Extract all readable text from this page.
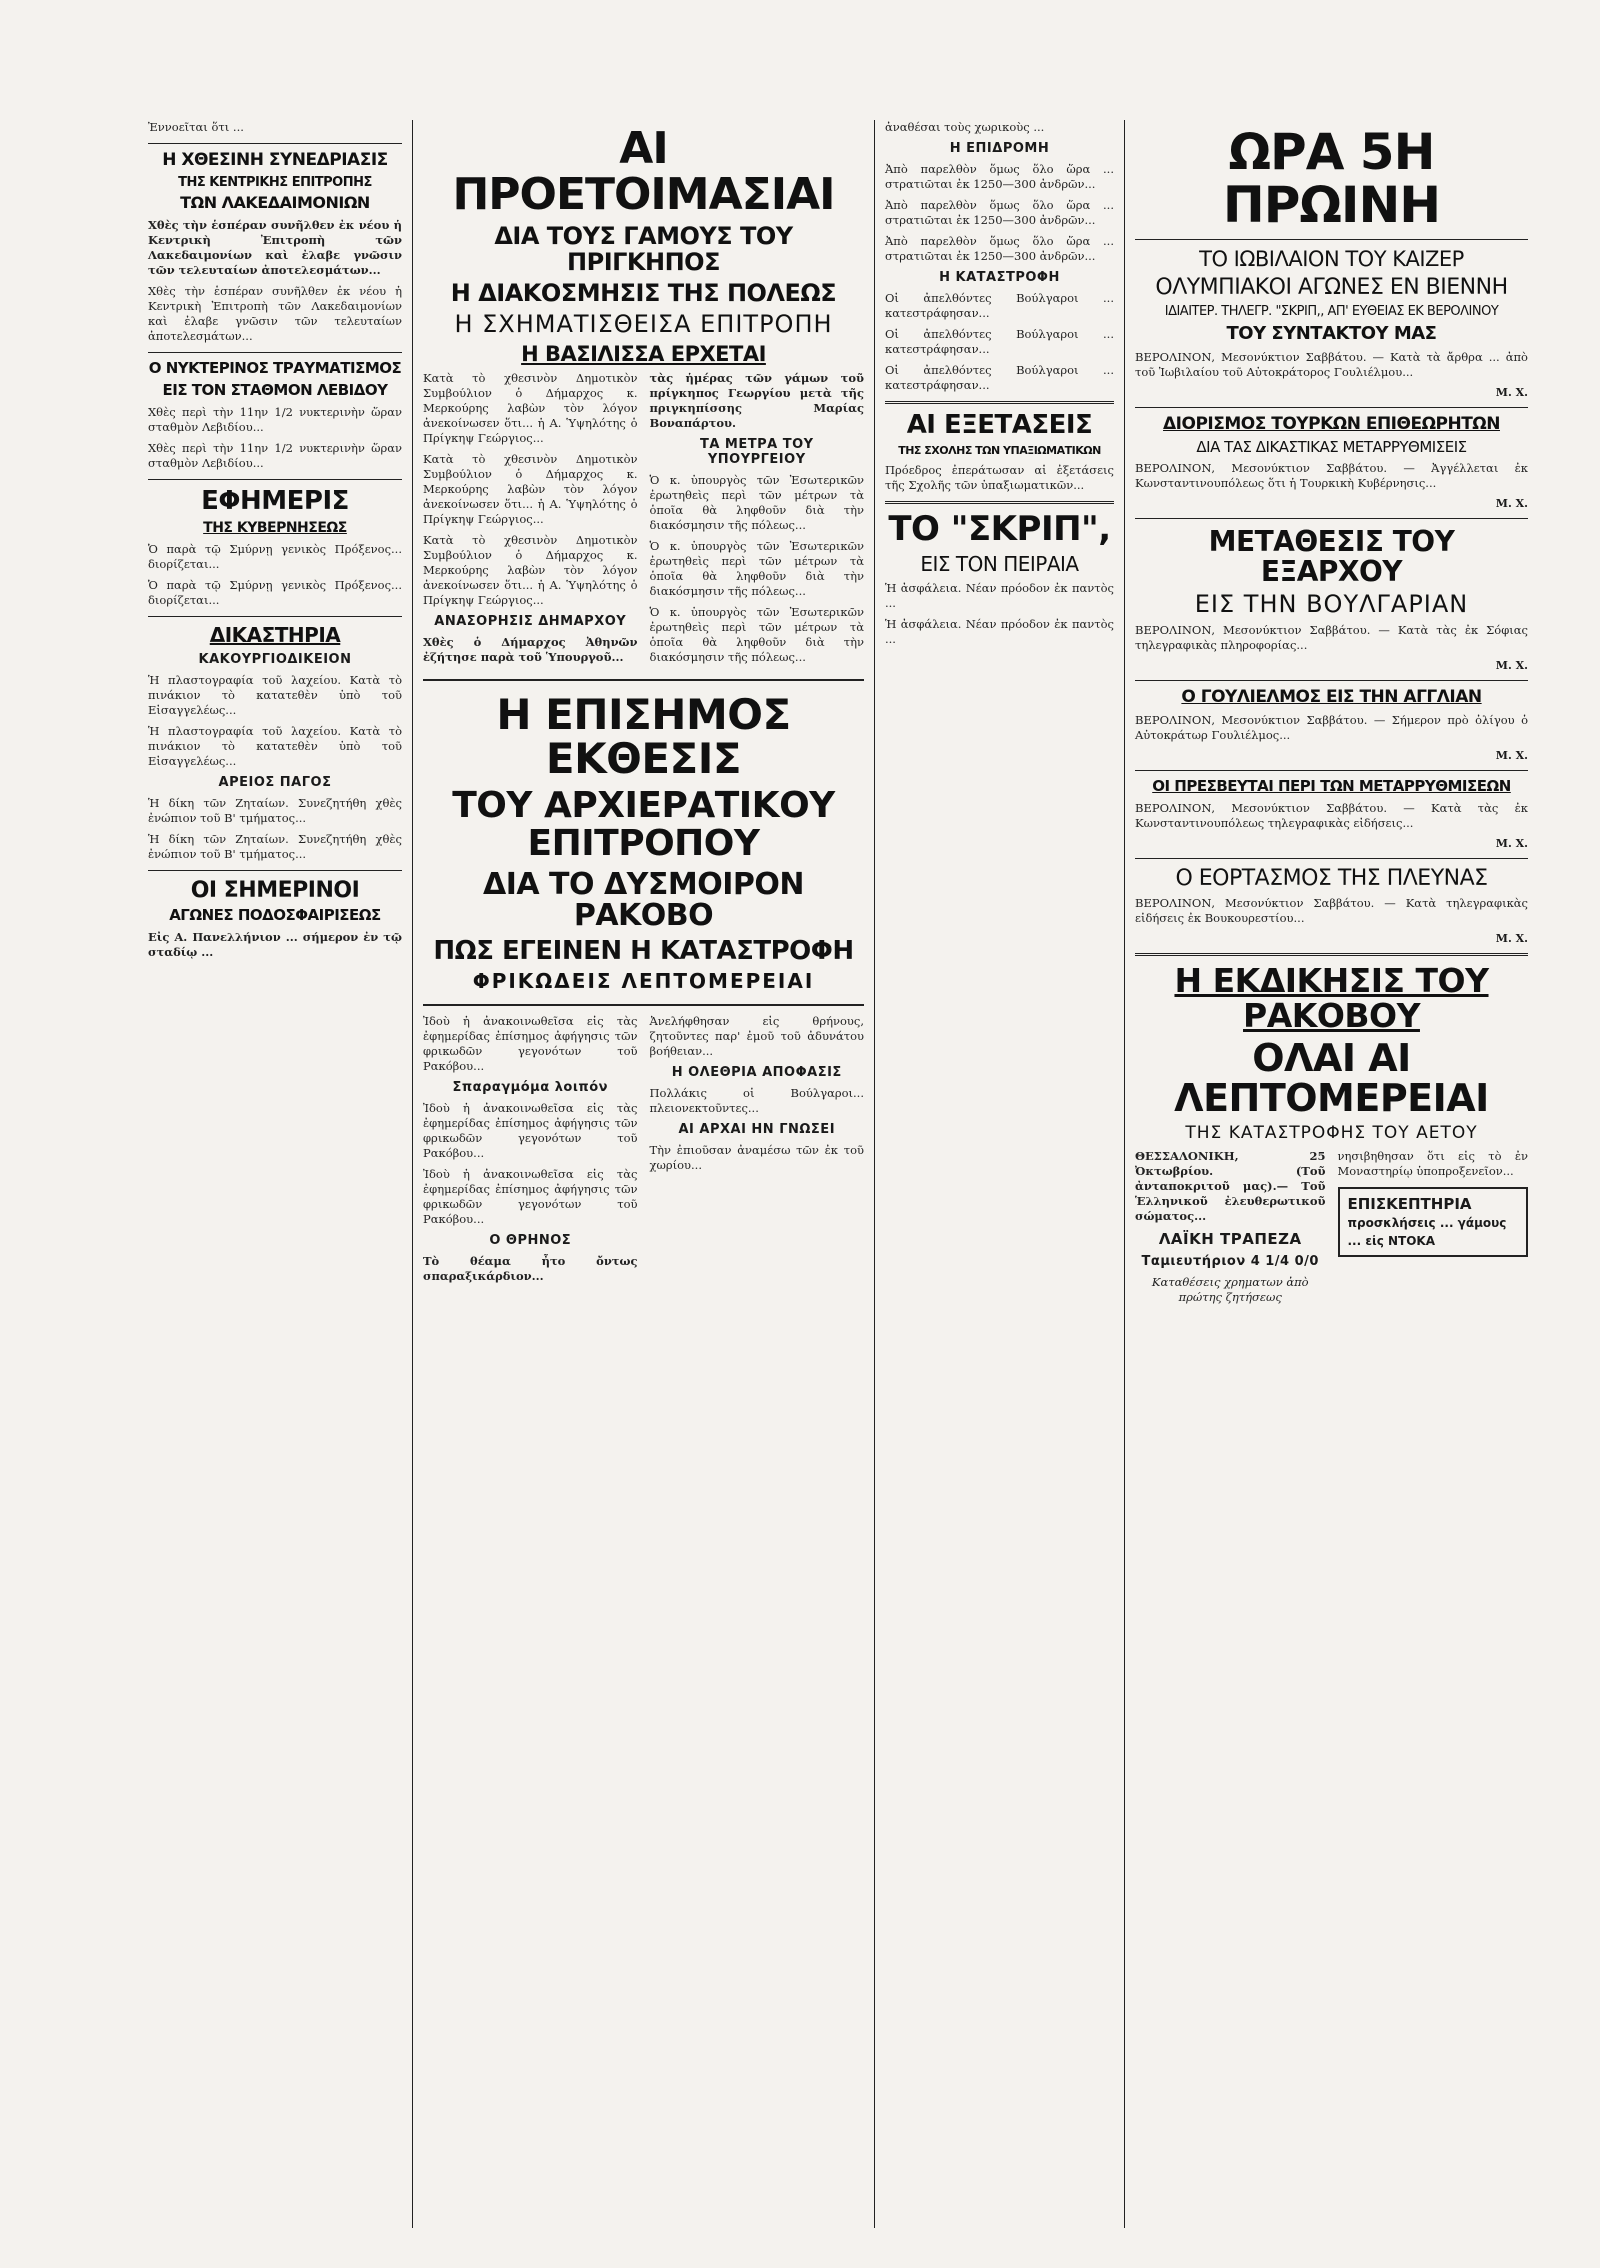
Ἐννοεῖται ὅτι ...

Η ΧΘΕΣΙΝΗ ΣΥΝΕΔΡΙΑΣΙΣ
ΤΗΣ ΚΕΝΤΡΙΚΗΣ ΕΠΙΤΡΟΠΗΣ
ΤΩΝ ΛΑΚΕΔΑΙΜΟΝΙΩΝ

Χθὲς τὴν ἑσπέραν συνῆλθεν ἐκ νέου ἡ Κεντρικὴ Ἐπιτροπὴ τῶν Λακεδαιμονίων καὶ ἐλαβε γνῶσιν τῶν τελευταίων ἀποτελεσμάτων...

Χθὲς τὴν ἑσπέραν συνῆλθεν ἐκ νέου ἡ Κεντρικὴ Ἐπιτροπὴ τῶν Λακεδαιμονίων καὶ ἐλαβε γνῶσιν τῶν τελευταίων ἀποτελεσμάτων...

Ο ΝΥΚΤΕΡΙΝΟΣ ΤΡΑΥΜΑΤΙΣΜΟΣ
ΕΙΣ ΤΟΝ ΣΤΑΘΜΟΝ ΛΕΒΙΔΟΥ

Χθὲς περὶ τὴν 11ην 1/2 νυκτερινὴν ὥραν σταθμὸν Λεβιδίου...

Χθὲς περὶ τὴν 11ην 1/2 νυκτερινὴν ὥραν σταθμὸν Λεβιδίου...

ΕΦΗΜΕΡΙΣ
ΤΗΣ ΚΥΒΕΡΝΗΣΕΩΣ

Ὁ παρὰ τῷ Σμύρνῃ γενικὸς Πρόξενος... διορίζεται...

Ὁ παρὰ τῷ Σμύρνῃ γενικὸς Πρόξενος... διορίζεται...

ΔΙΚΑΣΤΗΡΙΑ
ΚΑΚΟΥΡΓΙΟΔΙΚΕΙΟΝ

Ἡ πλαστογραφία τοῦ λαχείου. Κατὰ τὸ πινάκιον τὸ κατατεθὲν ὑπὸ τοῦ Εἰσαγγελέως...

Ἡ πλαστογραφία τοῦ λαχείου. Κατὰ τὸ πινάκιον τὸ κατατεθὲν ὑπὸ τοῦ Εἰσαγγελέως...

ΑΡΕΙΟΣ ΠΑΓΟΣ

Ἡ δίκη τῶν Ζηταίων. Συνεζητήθη χθὲς ἐνώπιον τοῦ Β' τμήματος...

Ἡ δίκη τῶν Ζηταίων. Συνεζητήθη χθὲς ἐνώπιον τοῦ Β' τμήματος...

ΟΙ ΣΗΜΕΡΙΝΟΙ
ΑΓΩΝΕΣ ΠΟΔΟΣΦΑΙΡΙΣΕΩΣ

Εἰς Α. Πανελλήνιον ... σήμερον ἐν τῷ σταδίῳ ...

ΑΙ ΠΡΟΕΤΟΙΜΑΣΙΑΙ
ΔΙΑ ΤΟΥΣ ΓΑΜΟΥΣ ΤΟΥ ΠΡΙΓΚΗΠΟΣ
Η ΔΙΑΚΟΣΜΗΣΙΣ ΤΗΣ ΠΟΛΕΩΣ
Η ΣΧΗΜΑΤΙΣΘΕΙΣΑ ΕΠΙΤΡΟΠΗ
Η ΒΑΣΙΛΙΣΣΑ ΕΡΧΕΤΑΙ

Κατὰ τὸ χθεσινὸν Δημοτικὸν Συμβούλιον ὁ Δήμαρχος κ. Μερκούρης λαβὼν τὸν λόγον ἀνεκοίνωσεν ὅτι... ἡ Α. Ὑψηλότης ὁ Πρίγκηψ Γεώργιος...

Κατὰ τὸ χθεσινὸν Δημοτικὸν Συμβούλιον ὁ Δήμαρχος κ. Μερκούρης λαβὼν τὸν λόγον ἀνεκοίνωσεν ὅτι... ἡ Α. Ὑψηλότης ὁ Πρίγκηψ Γεώργιος...

Κατὰ τὸ χθεσινὸν Δημοτικὸν Συμβούλιον ὁ Δήμαρχος κ. Μερκούρης λαβὼν τὸν λόγον ἀνεκοίνωσεν ὅτι... ἡ Α. Ὑψηλότης ὁ Πρίγκηψ Γεώργιος...

ΑΝΑΣΟΡΗΣΙΣ ΔΗΜΑΡΧΟΥ

Χθὲς ὁ Δήμαρχος Ἀθηνῶν ἐζήτησε παρὰ τοῦ Ὑπουργοῦ...

τὰς ἡμέρας τῶν γάμων τοῦ πρίγκηπος Γεωργίου μετὰ τῆς πριγκηπίσσης Μαρίας Βοναπάρτου.

ΤΑ ΜΕΤΡΑ ΤΟΥ ΥΠΟΥΡΓΕΙΟΥ

Ὁ κ. ὑπουργὸς τῶν Ἐσωτερικῶν ἐρωτηθεὶς περὶ τῶν μέτρων τὰ ὁποῖα θὰ ληφθοῦν διὰ τὴν διακόσμησιν τῆς πόλεως...

Ὁ κ. ὑπουργὸς τῶν Ἐσωτερικῶν ἐρωτηθεὶς περὶ τῶν μέτρων τὰ ὁποῖα θὰ ληφθοῦν διὰ τὴν διακόσμησιν τῆς πόλεως...

Ὁ κ. ὑπουργὸς τῶν Ἐσωτερικῶν ἐρωτηθεὶς περὶ τῶν μέτρων τὰ ὁποῖα θὰ ληφθοῦν διὰ τὴν διακόσμησιν τῆς πόλεως...

Η ΕΠΙΣΗΜΟΣ ΕΚΘΕΣΙΣ
ΤΟΥ ΑΡΧΙΕΡΑΤΙΚΟΥ ΕΠΙΤΡΟΠΟΥ
ΔΙΑ ΤΟ ΔΥΣΜΟΙΡΟΝ ΡΑΚΟΒΟ
ΠΩΣ ΕΓΕΙΝΕΝ Η ΚΑΤΑΣΤΡΟΦΗ
ΦΡΙΚΩΔΕΙΣ ΛΕΠΤΟΜΕΡΕΙΑΙ

Ἰδοὺ ἡ ἀνακοινωθεῖσα εἰς τὰς ἐφημερίδας ἐπίσημος ἀφήγησις τῶν φρικωδῶν γεγονότων τοῦ Ρακόβου...

Σπαραγμόμα λοιπόν

Ἰδοὺ ἡ ἀνακοινωθεῖσα εἰς τὰς ἐφημερίδας ἐπίσημος ἀφήγησις τῶν φρικωδῶν γεγονότων τοῦ Ρακόβου...

Ἰδοὺ ἡ ἀνακοινωθεῖσα εἰς τὰς ἐφημερίδας ἐπίσημος ἀφήγησις τῶν φρικωδῶν γεγονότων τοῦ Ρακόβου...

Ο ΘΡΗΝΟΣ

Τὸ θέαμα ἦτο ὄντως σπαραξικάρδιον...

Ἀνελήφθησαν εἰς θρήνους, ζητοῦντες παρ' ἐμοῦ τοῦ ἀδυνάτου βοήθειαν...

Η ΟΛΕΘΡΙΑ ΑΠΟΦΑΣΙΣ

Πολλάκις οἱ Βούλγαροι... πλειονεκτοῦντες...

ΑΙ ΑΡΧΑΙ ΗΝ ΓΝΩΣΕΙ

Τὴν ἐπιοῦσαν ἀναμέσω τῶν ἐκ τοῦ χωρίου...

ἀναθέσαι τοὺς χωρικοὺς ...

Η ΕΠΙΔΡΟΜΗ

Ἀπὸ παρελθὸν ὅμως ὅλο ὥρα ... στρατιῶται ἐκ 1250—300 ἀνδρῶν...

Ἀπὸ παρελθὸν ὅμως ὅλο ὥρα ... στρατιῶται ἐκ 1250—300 ἀνδρῶν...

Ἀπὸ παρελθὸν ὅμως ὅλο ὥρα ... στρατιῶται ἐκ 1250—300 ἀνδρῶν...

Η ΚΑΤΑΣΤΡΟΦΗ

Οἱ ἀπελθόντες Βούλγαροι ... κατεστράφησαν...

Οἱ ἀπελθόντες Βούλγαροι ... κατεστράφησαν...

Οἱ ἀπελθόντες Βούλγαροι ... κατεστράφησαν...

ΑΙ ΕΞΕΤΑΣΕΙΣ
ΤΗΣ ΣΧΟΛΗΣ ΤΩΝ ΥΠΑΞΙΩΜΑΤΙΚΩΝ

Πρόεδρος ἐπεράτωσαν αἱ ἐξετάσεις τῆς Σχολῆς τῶν ὑπαξιωματικῶν...

ΤΟ "ΣΚΡΙΠ",
ΕΙΣ ΤΟΝ ΠΕΙΡΑΙΑ

Ἡ ἀσφάλεια. Νέαν πρόοδον ἐκ παντὸς ...

Ἡ ἀσφάλεια. Νέαν πρόοδον ἐκ παντὸς ...

ΩΡΑ 5Η ΠΡΩΙΝΗ
ΤΟ ΙΩΒΙΛΑΙΟΝ ΤΟΥ ΚΑΙΖΕΡ
ΟΛΥΜΠΙΑΚΟΙ ΑΓΩΝΕΣ ΕΝ ΒΙΕΝΝΗ
ΙΔΙΑΙΤΕΡ. ΤΗΛΕΓΡ. "ΣΚΡΙΠ,, ΑΠ' ΕΥΘΕΙΑΣ ΕΚ ΒΕΡΟΛΙΝΟΥ
ΤΟΥ ΣΥΝΤΑΚΤΟΥ ΜΑΣ

ΒΕΡΟΛΙΝΟΝ, Μεσονύκτιον Σαββάτου. — Κατὰ τὰ ἄρθρα ... ἀπὸ τοῦ Ἰωβιλαίου τοῦ Αὐτοκράτορος Γουλιέλμου...

Μ. Χ.

ΔΙΟΡΙΣΜΟΣ ΤΟΥΡΚΩΝ ΕΠΙΘΕΩΡΗΤΩΝ
ΔΙΑ ΤΑΣ ΔΙΚΑΣΤΙΚΑΣ ΜΕΤΑΡΡΥΘΜΙΣΕΙΣ

ΒΕΡΟΛΙΝΟΝ, Μεσονύκτιον Σαββάτου. — Ἀγγέλλεται ἐκ Κωνσταντινουπόλεως ὅτι ἡ Τουρκικὴ Κυβέρνησις...

Μ. Χ.

ΜΕΤΑΘΕΣΙΣ ΤΟΥ ΕΞΑΡΧΟΥ
ΕΙΣ ΤΗΝ ΒΟΥΛΓΑΡΙΑΝ

ΒΕΡΟΛΙΝΟΝ, Μεσονύκτιον Σαββάτου. — Κατὰ τὰς ἐκ Σόφιας τηλεγραφικὰς πληροφορίας...

Μ. Χ.

Ο ΓΟΥΛΙΕΛΜΟΣ ΕΙΣ ΤΗΝ ΑΓΓΛΙΑΝ

ΒΕΡΟΛΙΝΟΝ, Μεσονύκτιον Σαββάτου. — Σήμερον πρὸ ὀλίγου ὁ Αὐτοκράτωρ Γουλιέλμος...

Μ. Χ.

ΟΙ ΠΡΕΣΒΕΥΤΑΙ ΠΕΡΙ ΤΩΝ ΜΕΤΑΡΡΥΘΜΙΣΕΩΝ

ΒΕΡΟΛΙΝΟΝ, Μεσονύκτιον Σαββάτου. — Κατὰ τὰς ἐκ Κωνσταντινουπόλεως τηλεγραφικὰς εἰδήσεις...

Μ. Χ.

Ο ΕΟΡΤΑΣΜΟΣ ΤΗΣ ΠΛΕΥΝΑΣ

ΒΕΡΟΛΙΝΟΝ, Μεσονύκτιον Σαββάτου. — Κατὰ τηλεγραφικὰς εἰδήσεις ἐκ Βουκουρεστίου...

Μ. Χ.

Η ΕΚΔΙΚΗΣΙΣ ΤΟΥ ΡΑΚΟΒΟΥ
ΟΛΑΙ ΑΙ ΛΕΠΤΟΜΕΡΕΙΑΙ
ΤΗΣ ΚΑΤΑΣΤΡΟΦΗΣ ΤΟΥ ΑΕΤΟΥ

ΘΕΣΣΑΛΟΝΙΚΗ, 25 Ὀκτωβρίου. (Τοῦ ἀνταποκριτοῦ μας).— Τοῦ Ἑλληνικοῦ ἐλευθερωτικοῦ σώματος...

ΛΑΪΚΗ ΤΡΑΠΕΖΑ
Ταμιευτήριον 4 1/4 0/0

Καταθέσεις χρηματων ἀπὸ πρώτης ζητήσεως

νησιβηθησαν ὅτι εἰς τὸ ἐν Μοναστηρίῳ ὑποπροξενεῖον...

ΕΠΙΣΚΕΠΤΗΡΙΑ προσκλήσεις ... γάμους ... εἰς ΝΤΟΚΑ
